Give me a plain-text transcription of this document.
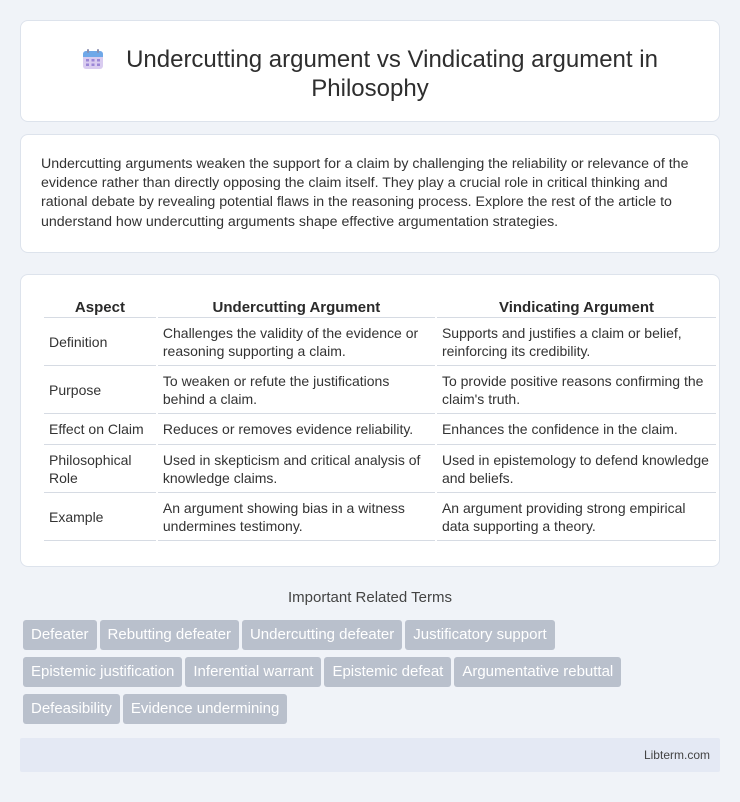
Undercutting argument vs Vindicating argument in Philosophy

Undercutting arguments weaken the support for a claim by challenging the reliability or relevance of the evidence rather than directly opposing the claim itself. They play a crucial role in critical thinking and rational debate by revealing potential flaws in the reasoning process. Explore the rest of the article to understand how undercutting arguments shape effective argumentation strategies.

Aspect	Undercutting Argument	Vindicating Argument
Definition	Challenges the validity of the evidence or reasoning supporting a claim.	Supports and justifies a claim or belief, reinforcing its credibility.
Purpose	To weaken or refute the justifications behind a claim.	To provide positive reasons confirming the claim's truth.
Effect on Claim	Reduces or removes evidence reliability.	Enhances the confidence in the claim.
Philosophical Role	Used in skepticism and critical analysis of knowledge claims.	Used in epistemology to defend knowledge and beliefs.
Example	An argument showing bias in a witness undermines testimony.	An argument providing strong empirical data supporting a theory.
Important Related Terms
Defeater Rebutting defeater Undercutting defeater Justificatory support
Epistemic justification Inferential warrant Epistemic defeat Argumentative rebuttal
Defeasibility Evidence undermining
Libterm.com
